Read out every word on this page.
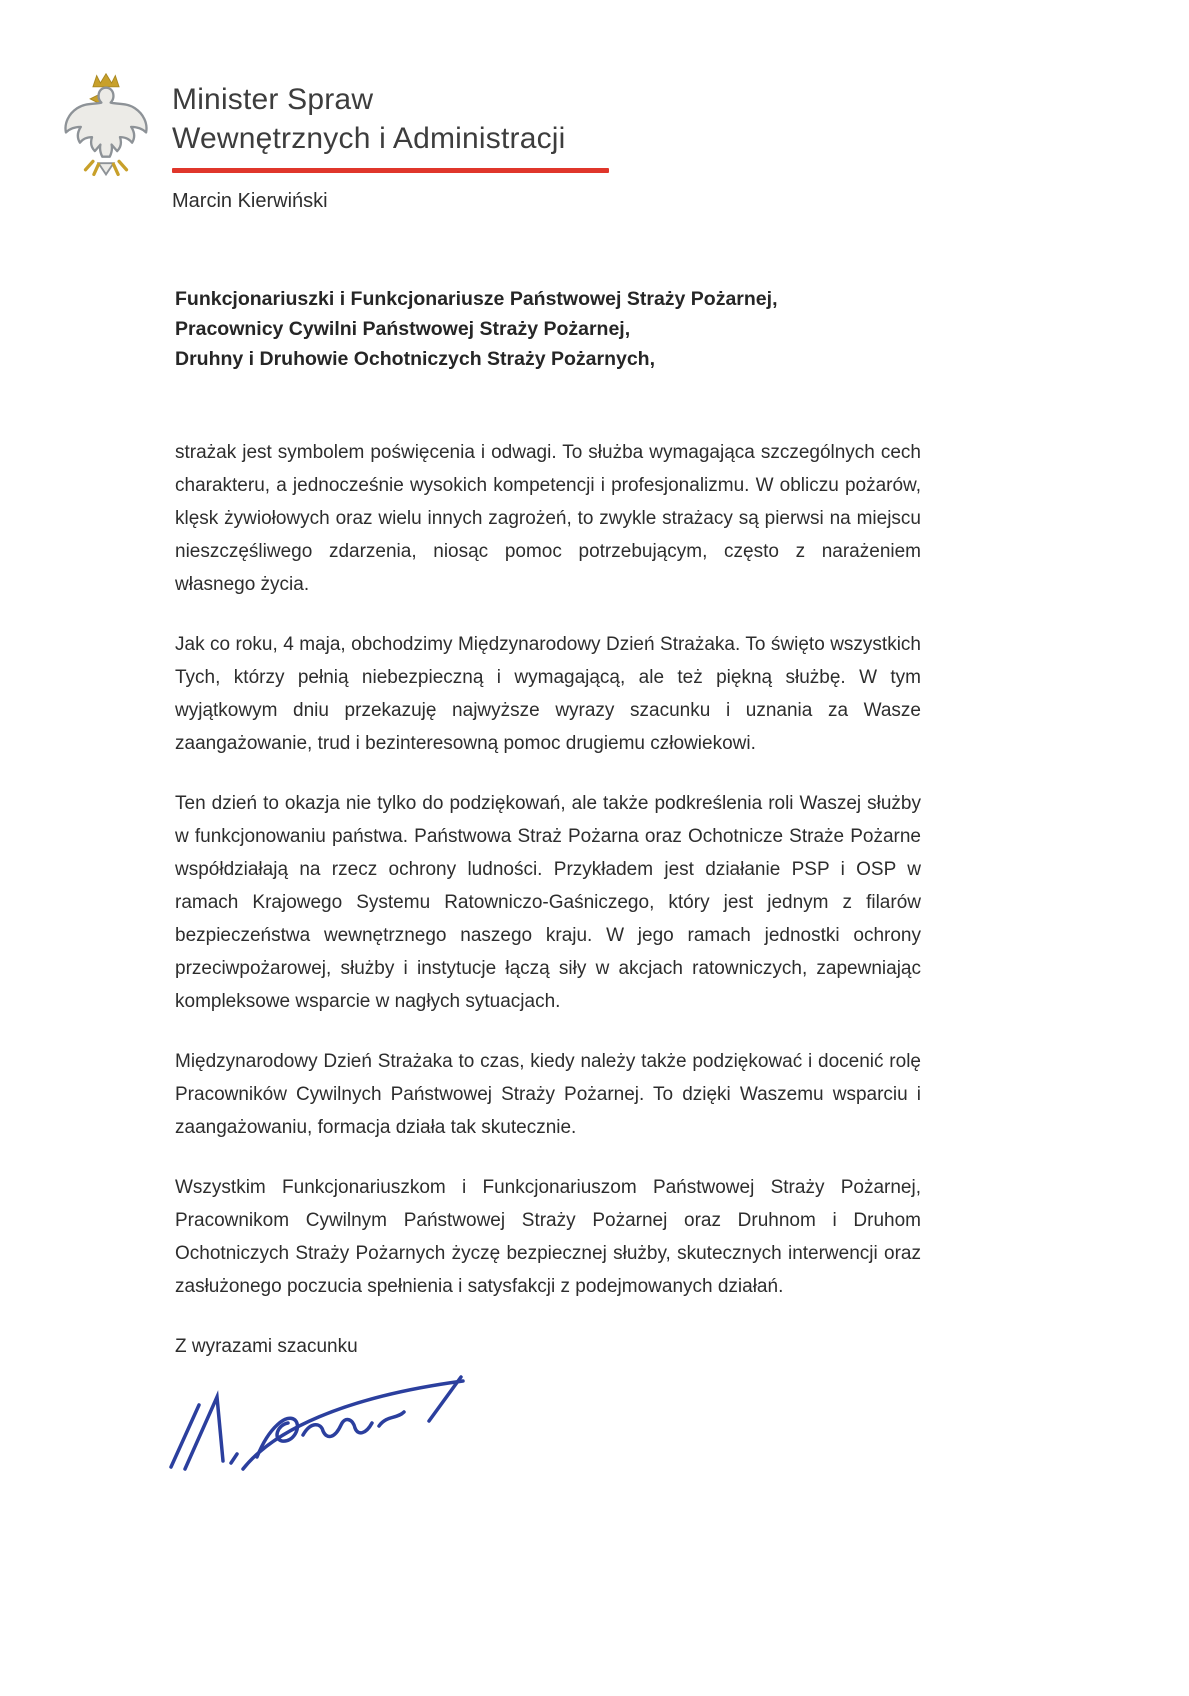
Minister Spraw
Wewnętrznych i Administracji
Marcin Kierwiński
Funkcjonariuszki i Funkcjonariusze Państwowej Straży Pożarnej,
Pracownicy Cywilni Państwowej Straży Pożarnej,
Druhny i Druhowie Ochotniczych Straży Pożarnych,

strażak jest symbolem poświęcenia i odwagi. To służba wymagająca szczególnych cech charakteru, a jednocześnie wysokich kompetencji i profesjonalizmu. W obliczu pożarów, klęsk żywiołowych oraz wielu innych zagrożeń, to zwykle strażacy są pierwsi na miejscu nieszczęśliwego zdarzenia, niosąc pomoc potrzebującym, często z narażeniem własnego życia.

Jak co roku, 4 maja, obchodzimy Międzynarodowy Dzień Strażaka. To święto wszystkich Tych, którzy pełnią niebezpieczną i wymagającą, ale też piękną służbę. W tym wyjątkowym dniu przekazuję najwyższe wyrazy szacunku i uznania za Wasze zaangażowanie, trud i bezinteresowną pomoc drugiemu człowiekowi.

Ten dzień to okazja nie tylko do podziękowań, ale także podkreślenia roli Waszej służby w funkcjonowaniu państwa. Państwowa Straż Pożarna oraz Ochotnicze Straże Pożarne współdziałają na rzecz ochrony ludności. Przykładem jest działanie PSP i OSP w ramach Krajowego Systemu Ratowniczo-Gaśniczego, który jest jednym z filarów bezpieczeństwa wewnętrznego naszego kraju. W jego ramach jednostki ochrony przeciwpożarowej, służby i instytucje łączą siły w akcjach ratowniczych, zapewniając kompleksowe wsparcie w nagłych sytuacjach.

Międzynarodowy Dzień Strażaka to czas, kiedy należy także podziękować i docenić rolę Pracowników Cywilnych Państwowej Straży Pożarnej. To dzięki Waszemu wsparciu i zaangażowaniu, formacja działa tak skutecznie.

Wszystkim Funkcjonariuszkom i Funkcjonariuszom Państwowej Straży Pożarnej, Pracownikom Cywilnym Państwowej Straży Pożarnej oraz Druhnom i Druhom Ochotniczych Straży Pożarnych życzę bezpiecznej służby, skutecznych interwencji oraz zasłużonego poczucia spełnienia i satysfakcji z podejmowanych działań.

Z wyrazami szacunku
